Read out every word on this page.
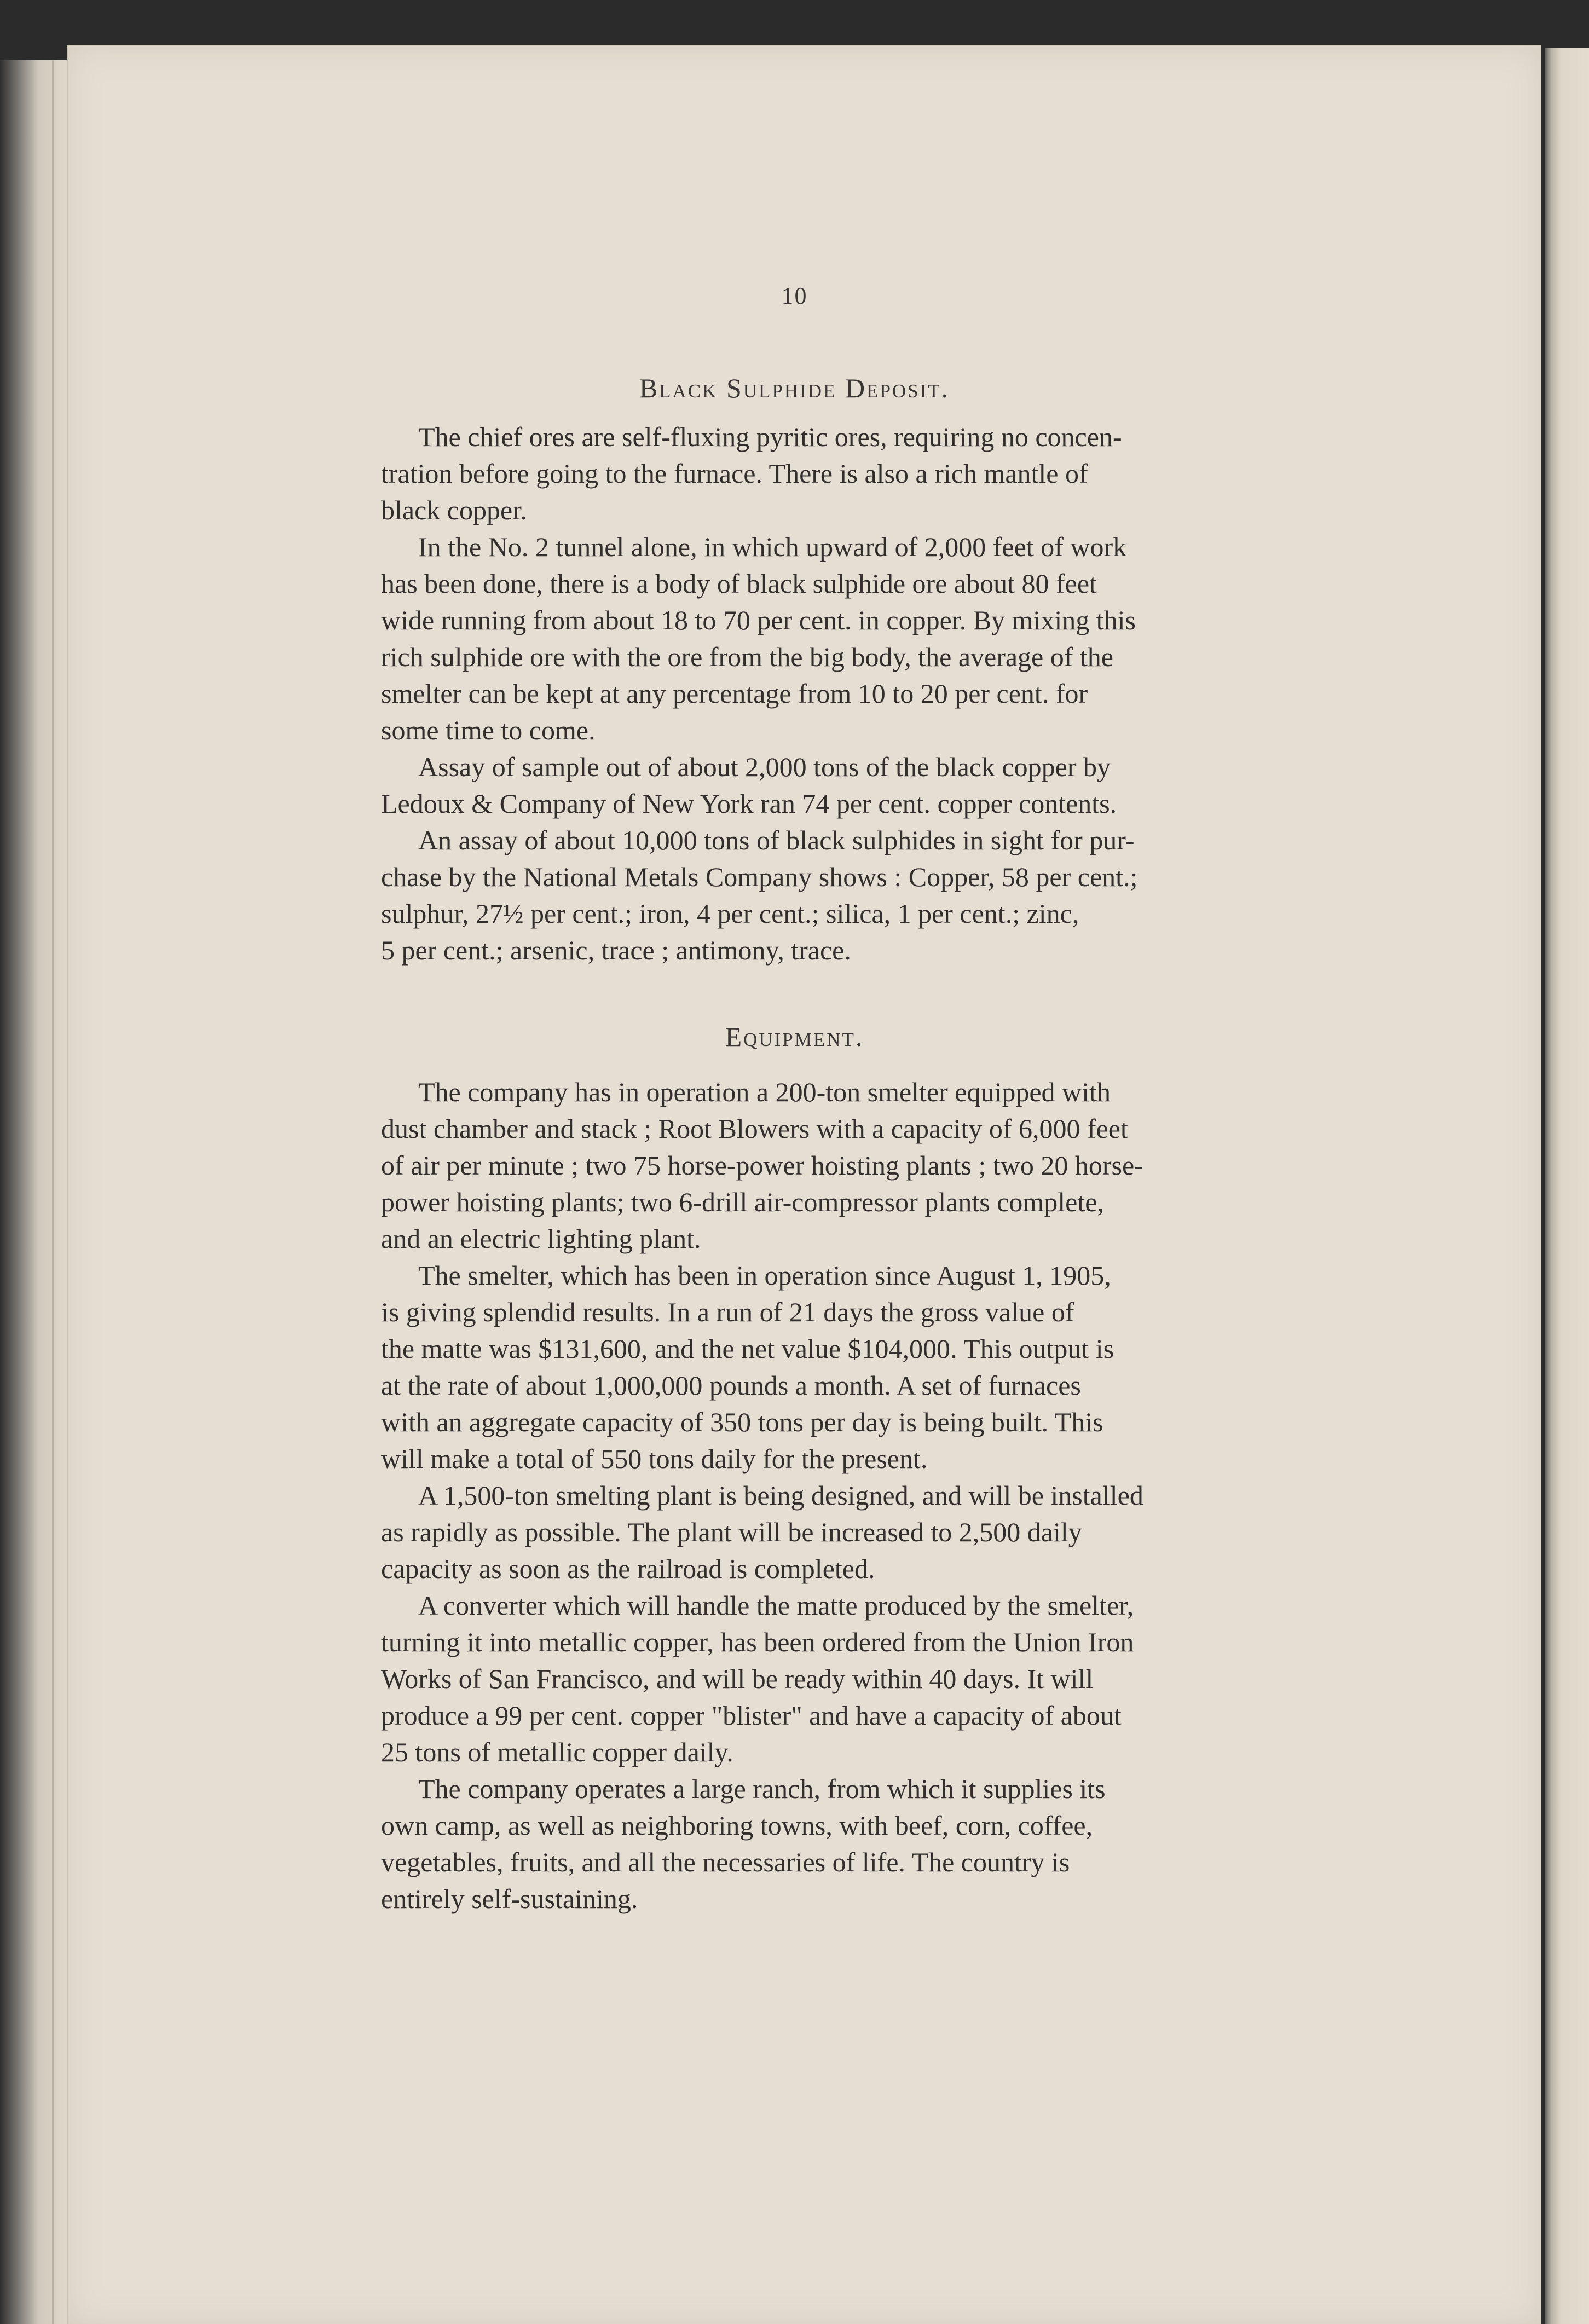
10
Black Sulphide Deposit.
The chief ores are self-fluxing pyritic ores, requiring no concen-
tration before going to the furnace. There is also a rich mantle of
black copper.
In the No. 2 tunnel alone, in which upward of 2,000 feet of work
has been done, there is a body of black sulphide ore about 80 feet
wide running from about 18 to 70 per cent. in copper. By mixing this
rich sulphide ore with the ore from the big body, the average of the
smelter can be kept at any percentage from 10 to 20 per cent. for
some time to come.
Assay of sample out of about 2,000 tons of the black copper by
Ledoux & Company of New York ran 74 per cent. copper contents.
An assay of about 10,000 tons of black sulphides in sight for pur-
chase by the National Metals Company shows : Copper, 58 per cent.;
sulphur, 27½ per cent.; iron, 4 per cent.; silica, 1 per cent.; zinc,
5 per cent.; arsenic, trace ; antimony, trace.
Equipment.
The company has in operation a 200-ton smelter equipped with
dust chamber and stack ; Root Blowers with a capacity of 6,000 feet
of air per minute ; two 75 horse-power hoisting plants ; two 20 horse-
power hoisting plants; two 6-drill air-compressor plants complete,
and an electric lighting plant.
The smelter, which has been in operation since August 1, 1905,
is giving splendid results. In a run of 21 days the gross value of
the matte was $131,600, and the net value $104,000. This output is
at the rate of about 1,000,000 pounds a month. A set of furnaces
with an aggregate capacity of 350 tons per day is being built. This
will make a total of 550 tons daily for the present.
A 1,500-ton smelting plant is being designed, and will be installed
as rapidly as possible. The plant will be increased to 2,500 daily
capacity as soon as the railroad is completed.
A converter which will handle the matte produced by the smelter,
turning it into metallic copper, has been ordered from the Union Iron
Works of San Francisco, and will be ready within 40 days. It will
produce a 99 per cent. copper "blister" and have a capacity of about
25 tons of metallic copper daily.
The company operates a large ranch, from which it supplies its
own camp, as well as neighboring towns, with beef, corn, coffee,
vegetables, fruits, and all the necessaries of life. The country is
entirely self-sustaining.
